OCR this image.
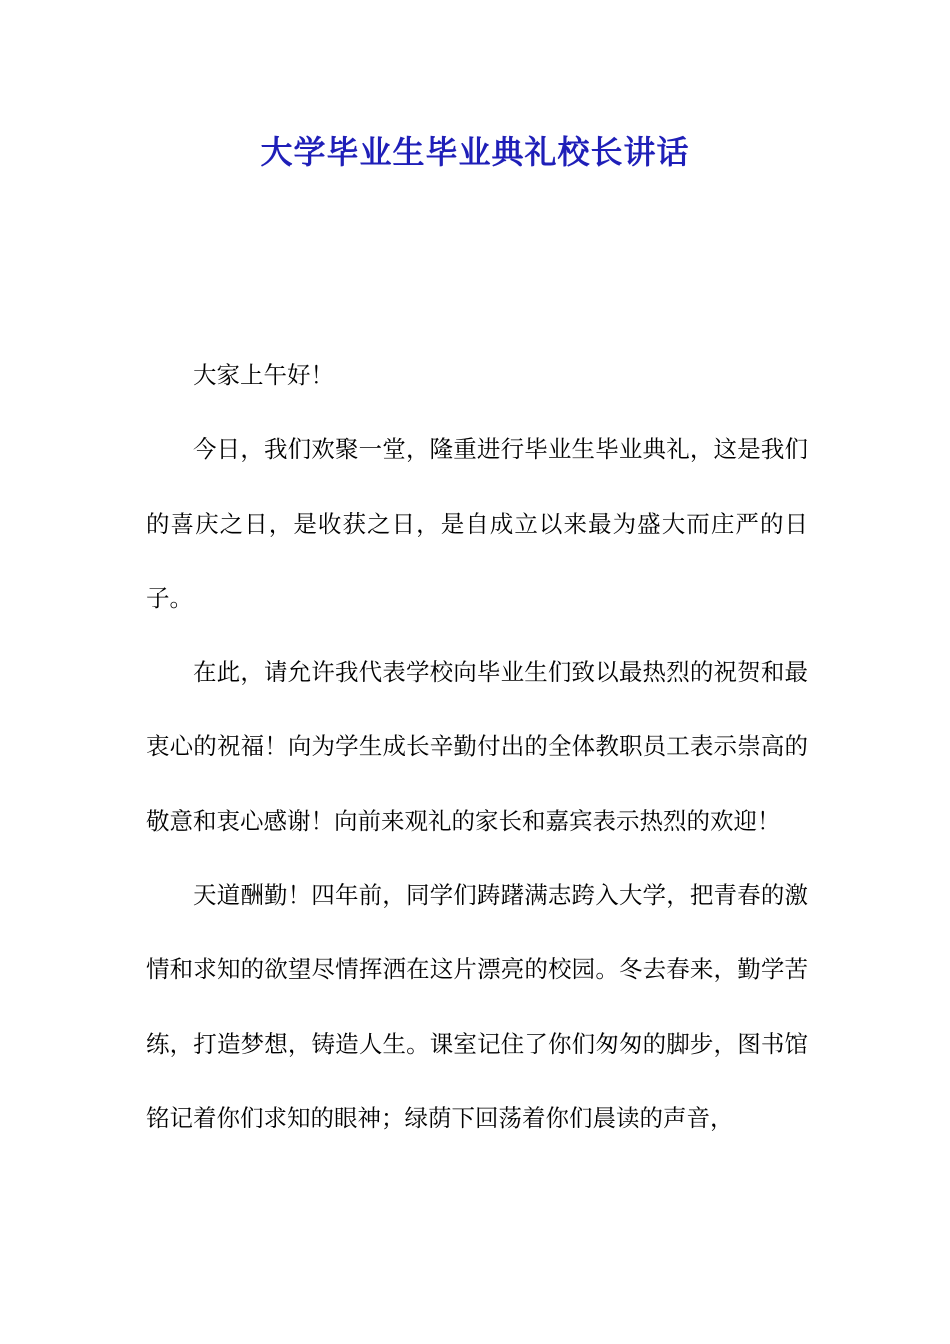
大学毕业生毕业典礼校长讲话

大家上午好！

今日，我们欢聚一堂，隆重进行毕业生毕业典礼，这是我们的喜庆之日，是收获之日，是自成立以来最为盛大而庄严的日子。

在此，请允许我代表学校向毕业生们致以最热烈的祝贺和最衷心的祝福！向为学生成长辛勤付出的全体教职员工表示崇高的敬意和衷心感谢！向前来观礼的家长和嘉宾表示热烈的欢迎！

天道酬勤！四年前，同学们踌躇满志跨入大学，把青春的激情和求知的欲望尽情挥洒在这片漂亮的校园。冬去春来，勤学苦练，打造梦想，铸造人生。课室记住了你们匆匆的脚步，图书馆铭记着你们求知的眼神；绿荫下回荡着你们晨读的声音，
